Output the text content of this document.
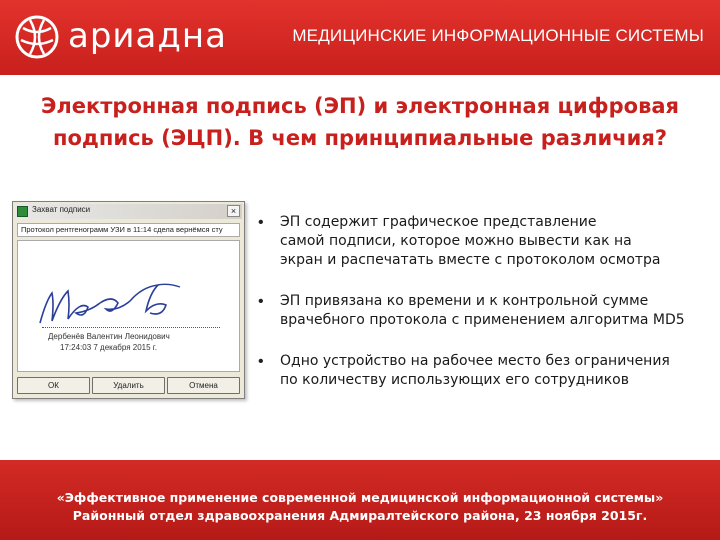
ариадна	МЕДИЦИНСКИЕ ИНФОРМАЦИОННЫЕ СИСТЕМЫ
Электронная подпись (ЭП) и электронная цифровая
подпись (ЭЦП). В чем принципиальные различия?
Захват подписи	×
Протокол рентгенограмм УЗИ в 11:14 сдела вернёмся сту
Дербенёв Валентин Леонидович
17:24:03 7 декабря 2015 г.
ОК	Удалить	Отмена
• ЭП содержит графическое представление
самой подписи, которое можно вывести как на
экран и распечатать вместе с протоколом осмотра
• ЭП привязана ко времени и к контрольной сумме
врачебного протокола с применением алгоритма MD5
• Одно устройство на рабочее место без ограничения
по количеству использующих его сотрудников
«Эффективное применение современной медицинской информационной системы»
Районный отдел здравоохранения Адмиралтейского района, 23 ноября 2015г.
